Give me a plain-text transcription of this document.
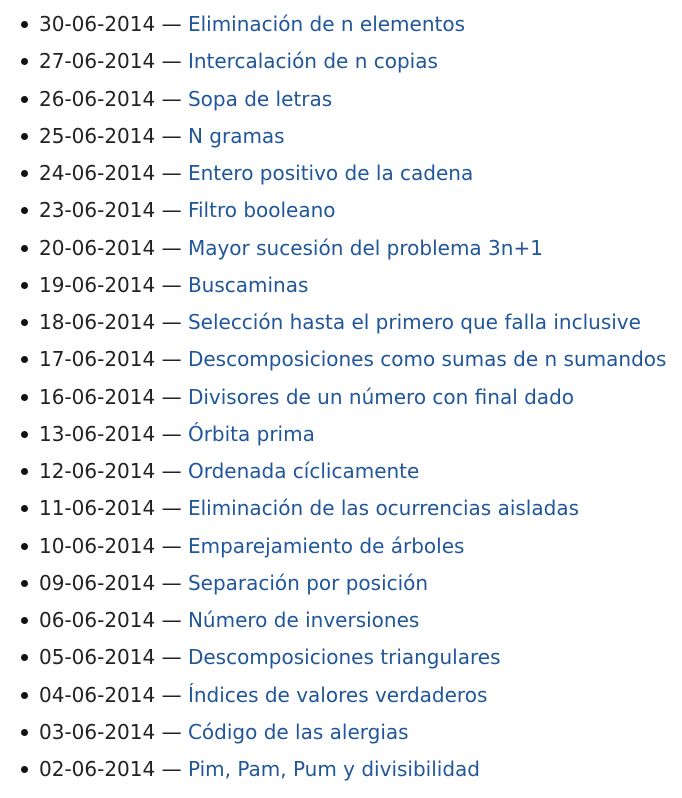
30-06-2014 — Eliminación de n elementos
27-06-2014 — Intercalación de n copias
26-06-2014 — Sopa de letras
25-06-2014 — N gramas
24-06-2014 — Entero positivo de la cadena
23-06-2014 — Filtro booleano
20-06-2014 — Mayor sucesión del problema 3n+1
19-06-2014 — Buscaminas
18-06-2014 — Selección hasta el primero que falla inclusive
17-06-2014 — Descomposiciones como sumas de n sumandos
16-06-2014 — Divisores de un número con final dado
13-06-2014 — Órbita prima
12-06-2014 — Ordenada cíclicamente
11-06-2014 — Eliminación de las ocurrencias aisladas
10-06-2014 — Emparejamiento de árboles
09-06-2014 — Separación por posición
06-06-2014 — Número de inversiones
05-06-2014 — Descomposiciones triangulares
04-06-2014 — Índices de valores verdaderos
03-06-2014 — Código de las alergias
02-06-2014 — Pim, Pam, Pum y divisibilidad
